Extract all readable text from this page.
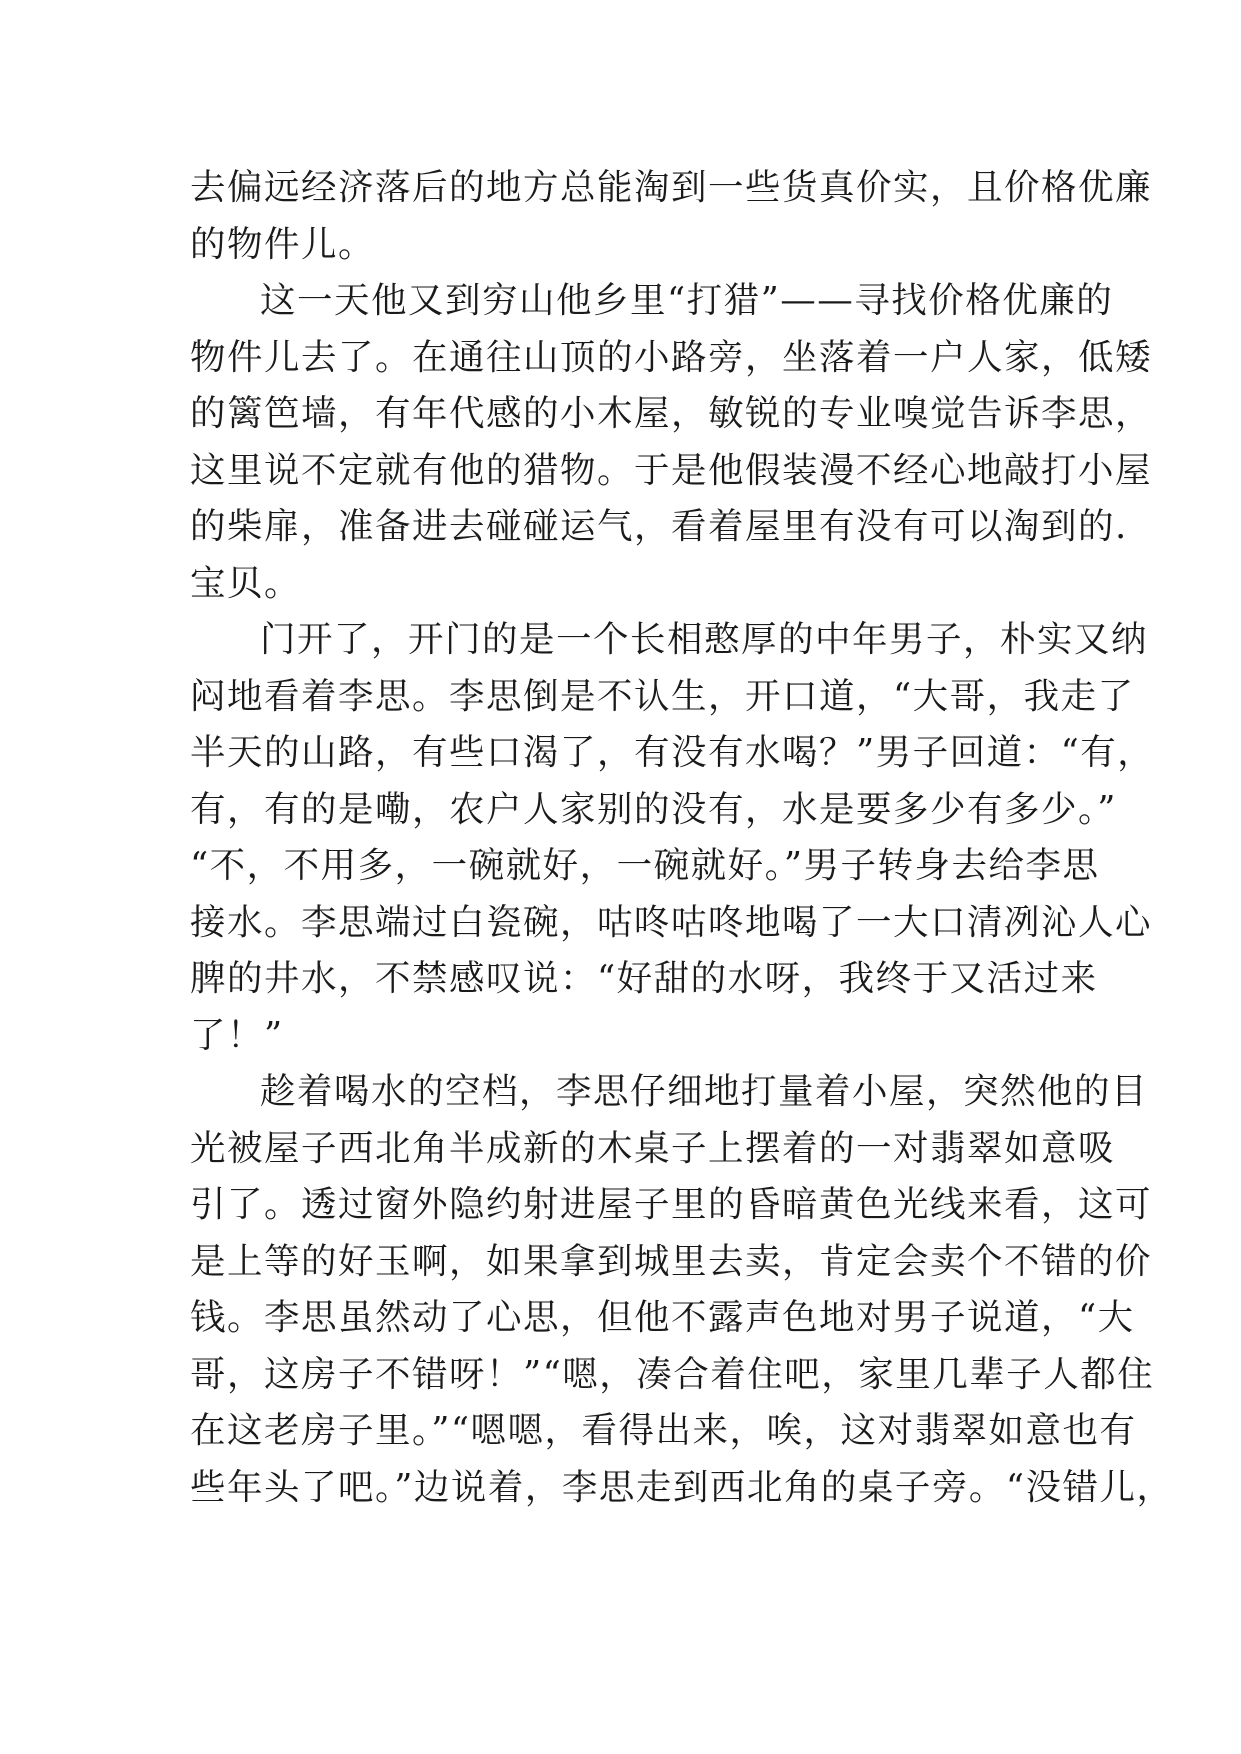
去偏远经济落后的地方总能淘到一些货真价实，且价格优廉
的物件儿。
这一天他又到穷山他乡里“打猎”——寻找价格优廉的
物件儿去了。在通往山顶的小路旁，坐落着一户人家，低矮
的篱笆墙，有年代感的小木屋，敏锐的专业嗅觉告诉李思，
这里说不定就有他的猎物。于是他假装漫不经心地敲打小屋
的柴扉，准备进去碰碰运气，看着屋里有没有可以淘到的.
宝贝。
门开了，开门的是一个长相憨厚的中年男子，朴实又纳
闷地看着李思。李思倒是不认生，开口道，“大哥，我走了
半天的山路，有些口渴了，有没有水喝？”男子回道：“有，
有，有的是嘞，农户人家别的没有，水是要多少有多少。”
“不，不用多，一碗就好，一碗就好。”男子转身去给李思
接水。李思端过白瓷碗，咕咚咕咚地喝了一大口清冽沁人心
脾的井水，不禁感叹说：“好甜的水呀，我终于又活过来
了！”
趁着喝水的空档，李思仔细地打量着小屋，突然他的目
光被屋子西北角半成新的木桌子上摆着的一对翡翠如意吸
引了。透过窗外隐约射进屋子里的昏暗黄色光线来看，这可
是上等的好玉啊，如果拿到城里去卖，肯定会卖个不错的价
钱。李思虽然动了心思，但他不露声色地对男子说道，“大
哥，这房子不错呀！”“嗯，凑合着住吧，家里几辈子人都住
在这老房子里。”“嗯嗯，看得出来，唉，这对翡翠如意也有
些年头了吧。”边说着，李思走到西北角的桌子旁。“没错儿，
